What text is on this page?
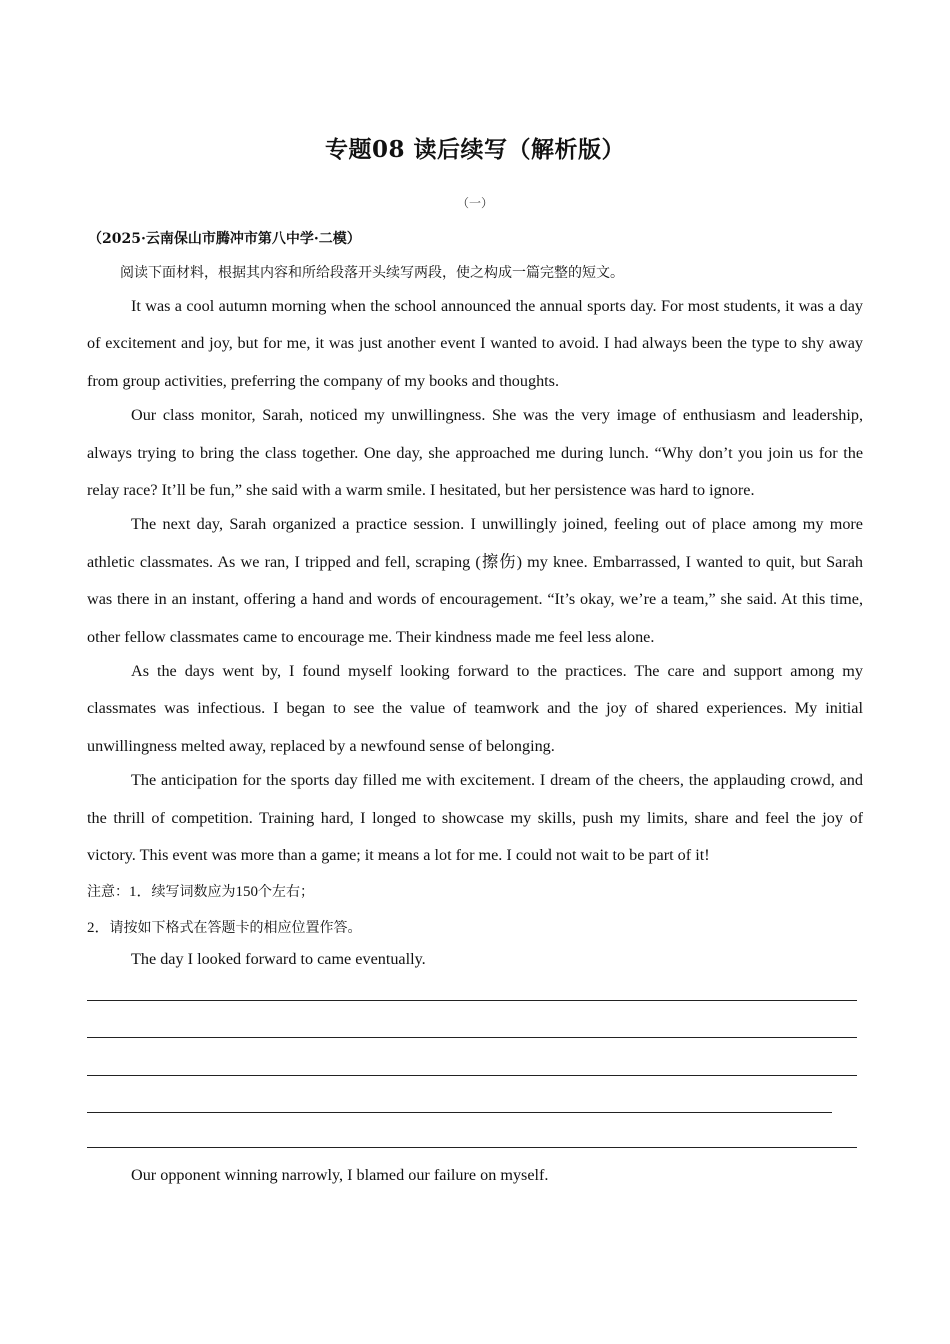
专题08 读后续写（解析版）
（一）
（2025·云南保山市腾冲市第八中学·二模）
阅读下面材料，根据其内容和所给段落开头续写两段，使之构成一篇完整的短文。

It was a cool autumn morning when the school announced the annual sports day. For most students, it was a day of excitement and joy, but for me, it was just another event I wanted to avoid. I had always been the type to shy away from group activities, preferring the company of my books and thoughts.

Our class monitor, Sarah, noticed my unwillingness. She was the very image of enthusiasm and leadership, always trying to bring the class together. One day, she approached me during lunch. “Why don’t you join us for the relay race? It’ll be fun,” she said with a warm smile. I hesitated, but her persistence was hard to ignore.

The next day, Sarah organized a practice session. I unwillingly joined, feeling out of place among my more athletic classmates. As we ran, I tripped and fell, scraping (擦伤) my knee. Embarrassed, I wanted to quit, but Sarah was there in an instant, offering a hand and words of encouragement. “It’s okay, we’re a team,” she said. At this time, other fellow classmates came to encourage me. Their kindness made me feel less alone.

As the days went by, I found myself looking forward to the practices. The care and support among my classmates was infectious. I began to see the value of teamwork and the joy of shared experiences. My initial unwillingness melted away, replaced by a newfound sense of belonging.

The anticipation for the sports day filled me with excitement. I dream of the cheers, the applauding crowd, and the thrill of competition. Training hard, I longed to showcase my skills, push my limits, share and feel the joy of victory. This event was more than a game; it means a lot for me. I could not wait to be part of it!

注意：1．续写词数应为150个左右；
2．请按如下格式在答题卡的相应位置作答。
The day I looked forward to came eventually.
Our opponent winning narrowly, I blamed our failure on myself.
